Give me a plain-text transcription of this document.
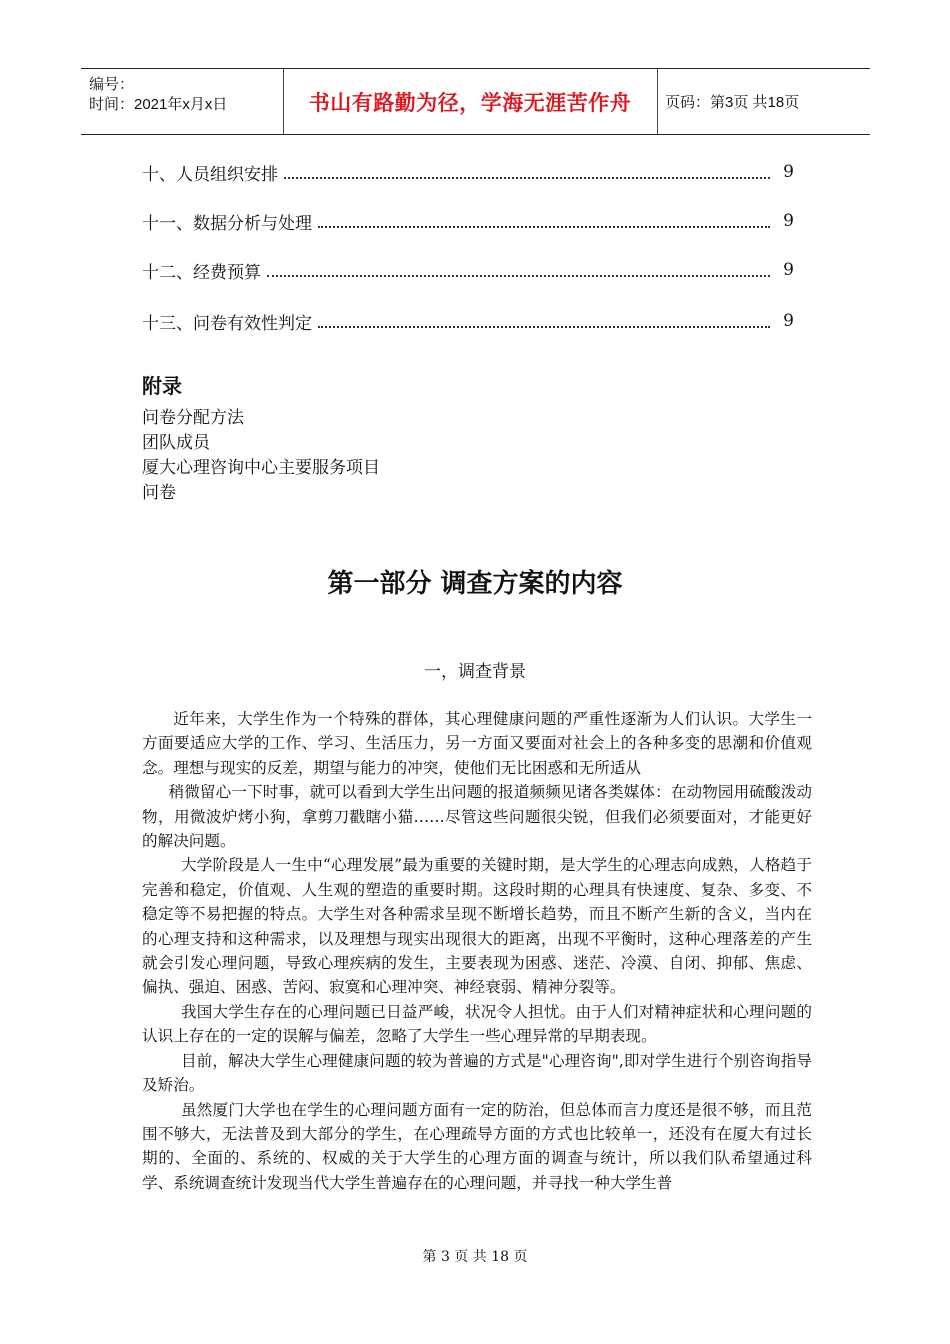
编号：
时间：2021年x月x日	书山有路勤为径，学海无涯苦作舟 页码：第3页 共18页
十、人员组织安排	9
十一、数据分析与处理	9
十二、经费预算	9
十三、问卷有效性判定	9
附录
问卷分配方法
团队成员
厦大心理咨询中心主要服务项目
问卷
第一部分 调查方案的内容
一，调查背景

近年来，大学生作为一个特殊的群体，其心理健康问题的严重性逐渐为人们认识。大学生一方面要适应大学的工作、学习、生活压力，另一方面又要面对社会上的各种多变的思潮和价值观念。理想与现实的反差，期望与能力的冲突，使他们无比困惑和无所适从

稍微留心一下时事，就可以看到大学生出问题的报道频频见诸各类媒体：在动物园用硫酸泼动物，用微波炉烤小狗，拿剪刀戳瞎小猫……尽管这些问题很尖锐，但我们必须要面对，才能更好的解决问题。

大学阶段是人一生中“心理发展”最为重要的关键时期，是大学生的心理志向成熟，人格趋于完善和稳定，价值观、人生观的塑造的重要时期。这段时期的心理具有快速度、复杂、多变、不稳定等不易把握的特点。大学生对各种需求呈现不断增长趋势，而且不断产生新的含义，当内在的心理支持和这种需求，以及理想与现实出现很大的距离，出现不平衡时，这种心理落差的产生就会引发心理问题，导致心理疾病的发生，主要表现为困惑、迷茫、冷漠、自闭、抑郁、焦虑、偏执、强迫、困惑、苦闷、寂寞和心理冲突、神经衰弱、精神分裂等。

我国大学生存在的心理问题已日益严峻，状况令人担忧。由于人们对精神症状和心理问题的认识上存在的一定的误解与偏差，忽略了大学生一些心理异常的早期表现。

目前，解决大学生心理健康问题的较为普遍的方式是"心理咨询",即对学生进行个别咨询指导及矫治。

虽然厦门大学也在学生的心理问题方面有一定的防治，但总体而言力度还是很不够，而且范围不够大，无法普及到大部分的学生，在心理疏导方面的方式也比较单一，还没有在厦大有过长期的、全面的、系统的、权威的关于大学生的心理方面的调查与统计，所以我们队希望通过科学、系统调查统计发现当代大学生普遍存在的心理问题，并寻找一种大学生普

第 3 页 共 18 页
